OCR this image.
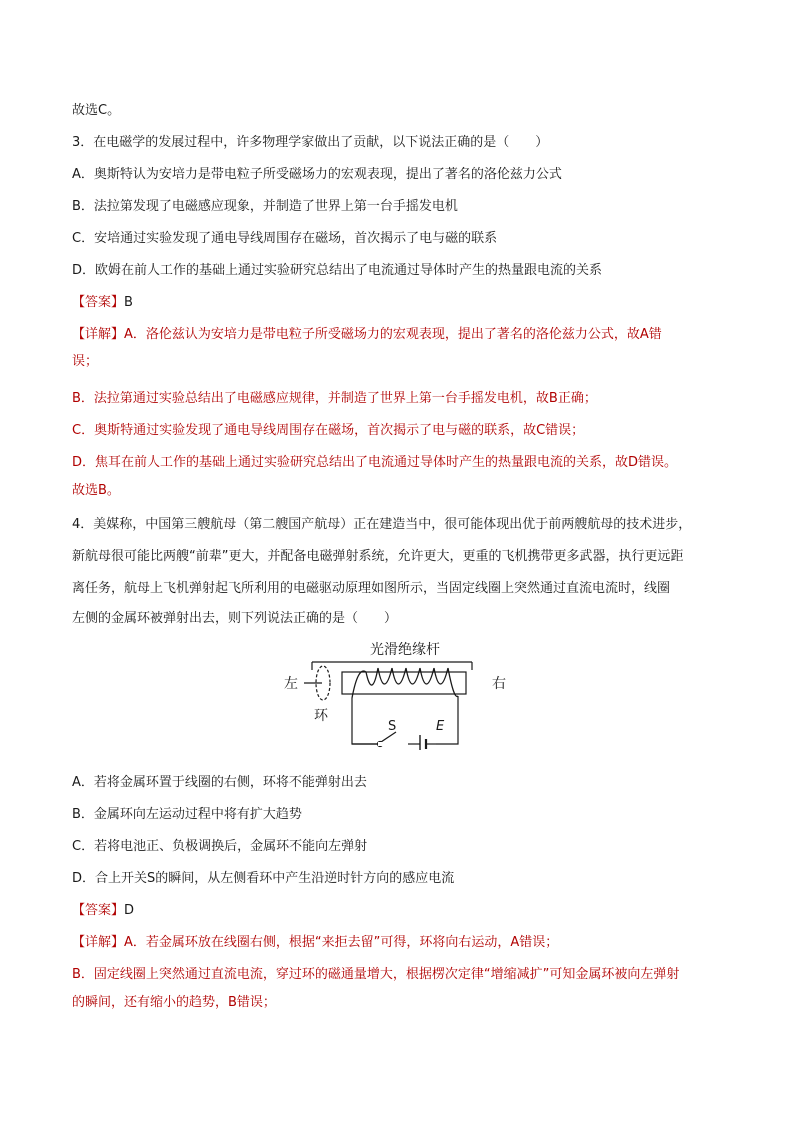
故选C。
3．在电磁学的发展过程中，许多物理学家做出了贡献，以下说法正确的是（　　）
A．奥斯特认为安培力是带电粒子所受磁场力的宏观表现，提出了著名的洛伦兹力公式
B．法拉第发现了电磁感应现象，并制造了世界上第一台手摇发电机
C．安培通过实验发现了通电导线周围存在磁场，首次揭示了电与磁的联系
D．欧姆在前人工作的基础上通过实验研究总结出了电流通过导体时产生的热量跟电流的关系
【答案】B
【详解】A．洛伦兹认为安培力是带电粒子所受磁场力的宏观表现，提出了著名的洛伦兹力公式，故A错
误；
B．法拉第通过实验总结出了电磁感应规律，并制造了世界上第一台手摇发电机，故B正确；
C．奥斯特通过实验发现了通电导线周围存在磁场，首次揭示了电与磁的联系，故C错误；
D．焦耳在前人工作的基础上通过实验研究总结出了电流通过导体时产生的热量跟电流的关系，故D错误。
故选B。
4．美媒称，中国第三艘航母（第二艘国产航母）正在建造当中，很可能体现出优于前两艘航母的技术进步，
新航母很可能比两艘“前辈”更大，并配备电磁弹射系统，允许更大，更重的飞机携带更多武器，执行更远距
离任务，航母上飞机弹射起飞所利用的电磁驱动原理如图所示，当固定线圈上突然通过直流电流时，线圈
左侧的金属环被弹射出去，则下列说法正确的是（　　）
光滑绝缘杆
左	右
环
S	E
A．若将金属环置于线圈的右侧，环将不能弹射出去
B．金属环向左运动过程中将有扩大趋势
C．若将电池正、负极调换后，金属环不能向左弹射
D．合上开关S的瞬间，从左侧看环中产生沿逆时针方向的感应电流
【答案】D
【详解】A．若金属环放在线圈右侧，根据“来拒去留”可得，环将向右运动，A错误；
B．固定线圈上突然通过直流电流，穿过环的磁通量增大，根据楞次定律“增缩减扩”可知金属环被向左弹射
的瞬间，还有缩小的趋势，B错误；
